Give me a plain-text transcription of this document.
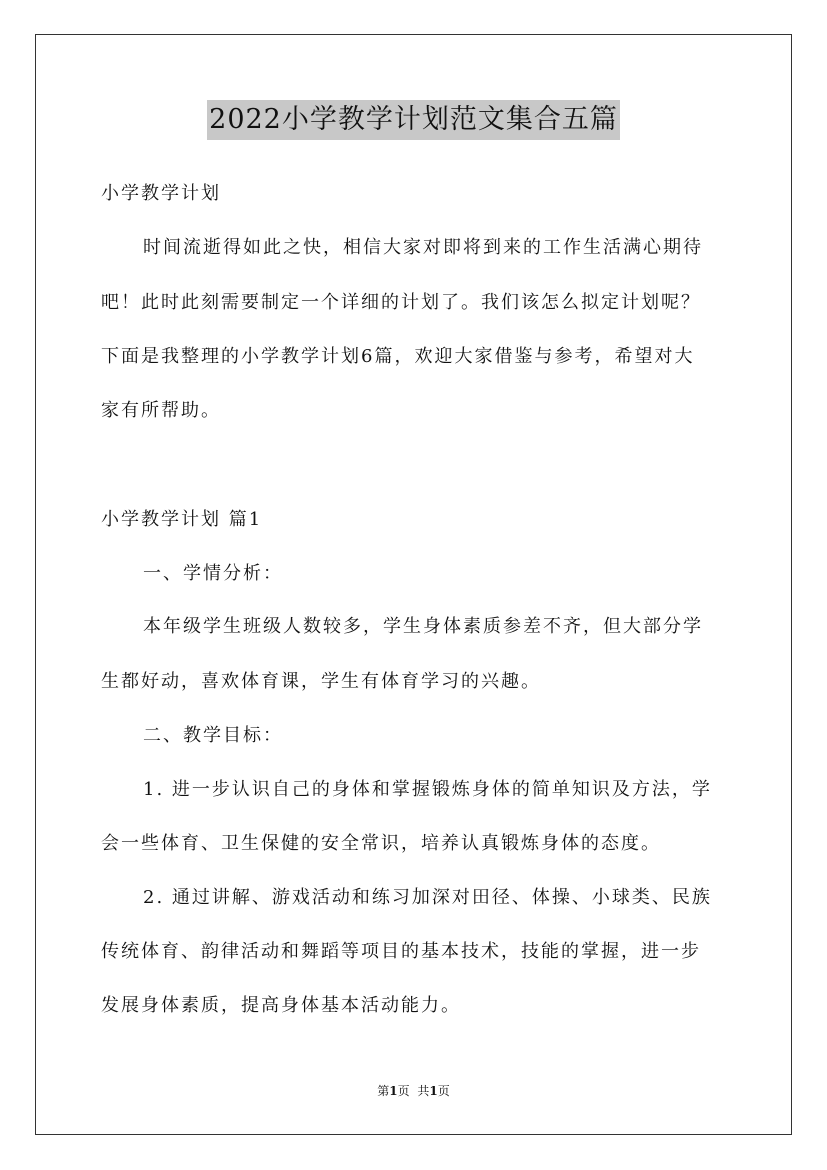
2022小学教学计划范文集合五篇
小学教学计划
时间流逝得如此之快，相信大家对即将到来的工作生活满心期待
吧！此时此刻需要制定一个详细的计划了。我们该怎么拟定计划呢？
下面是我整理的小学教学计划6篇，欢迎大家借鉴与参考，希望对大
家有所帮助。
小学教学计划 篇1
一、学情分析：
本年级学生班级人数较多，学生身体素质参差不齐，但大部分学
生都好动，喜欢体育课，学生有体育学习的兴趣。
二、教学目标：
1. 进一步认识自己的身体和掌握锻炼身体的简单知识及方法，学
会一些体育、卫生保健的安全常识，培养认真锻炼身体的态度。
2. 通过讲解、游戏活动和练习加深对田径、体操、小球类、民族
传统体育、韵律活动和舞蹈等项目的基本技术，技能的掌握，进一步
发展身体素质，提高身体基本活动能力。
第1页 共1页
